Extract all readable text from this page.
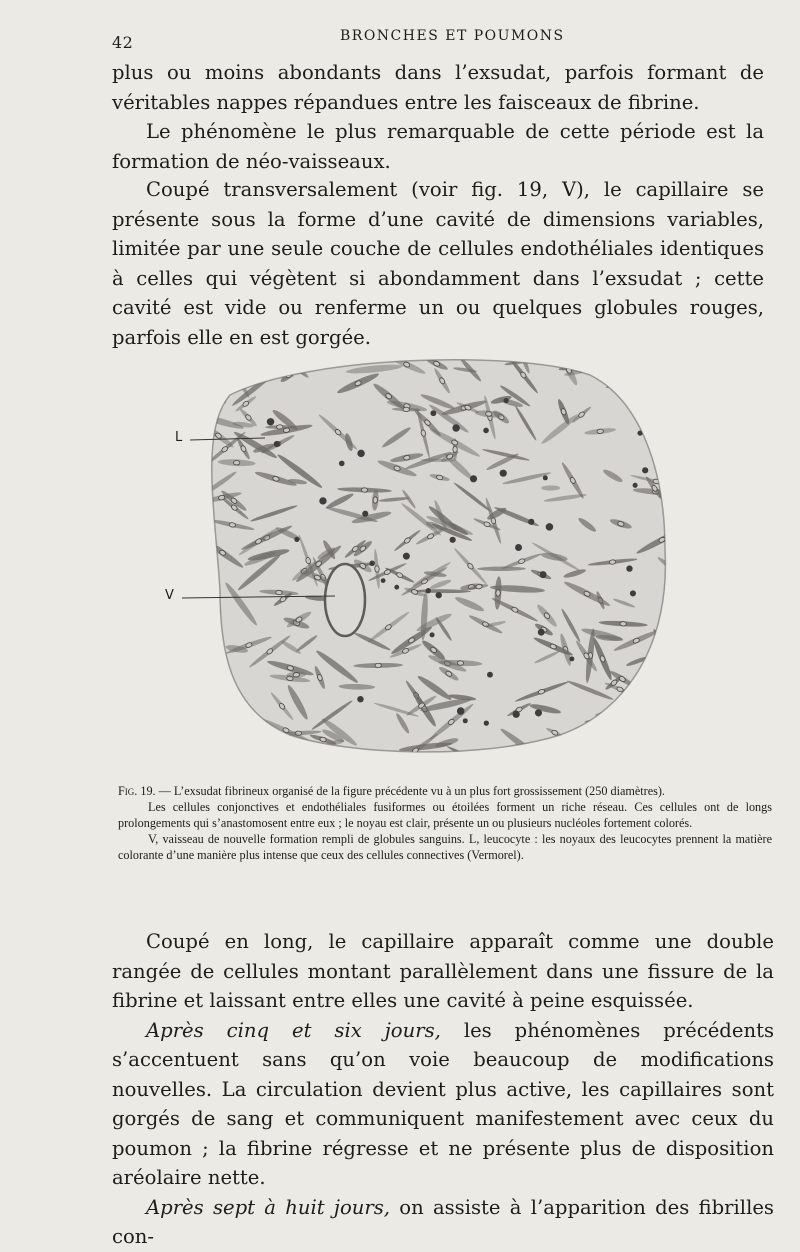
42	BRONCHES ET POUMONS

plus ou moins abondants dans l’exsudat, parfois formant de véritables nappes répandues entre les faisceaux de fibrine.

Le phénomène le plus remarquable de cette période est la formation de néo-vaisseaux.

Coupé transversalement (voir fig. 19, V), le capillaire se présente sous la forme d’une cavité de dimensions variables, limitée par une seule couche de cellules endothéliales identiques à celles qui végètent si abondamment dans l’exsudat ; cette cavité est vide ou renferme un ou quelques globules rouges, parfois elle en est gorgée.

L
V

Fig. 19. — L’exsudat fibrineux organisé de la figure précédente vu à un plus fort grossissement (250 diamètres).

Les cellules conjonctives et endothéliales fusiformes ou étoilées forment un riche réseau. Ces cellules ont de longs prolongements qui s’anastomosent entre eux ; le noyau est clair, présente un ou plusieurs nucléoles fortement colorés.

V, vaisseau de nouvelle formation rempli de globules sanguins. L, leucocyte : les noyaux des leucocytes prennent la matière colorante d’une manière plus intense que ceux des cellules connectives (Vermorel).

Coupé en long, le capillaire apparaît comme une double rangée de cellules montant parallèlement dans une fissure de la fibrine et laissant entre elles une cavité à peine esquissée.

Après cinq et six jours, les phénomènes précédents s’accentuent sans qu’on voie beaucoup de modifications nouvelles. La circulation devient plus active, les capillaires sont gorgés de sang et communiquent manifestement avec ceux du poumon ; la fibrine régresse et ne présente plus de disposition aréolaire nette.

Après sept à huit jours, on assiste à l’apparition des fibrilles con-
